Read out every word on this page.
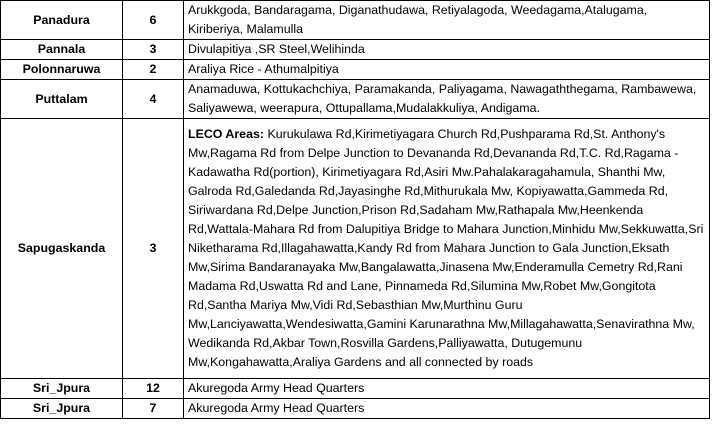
Panadura	6	Arukkgoda, Bandaragama, Diganathudawa, Retiyalagoda, Weedagama,Atalugama, Kiriberiya, Malamulla
Pannala	3	Divulapitiya ,SR Steel,Welihinda
Polonnaruwa	2	Araliya Rice - Athumalpitiya
Puttalam	4	Anamaduwa, Kottukachchiya, Paramakanda, Paliyagama, Nawagaththegama, Rambawewa, Saliyawewa, weerapura, Ottupallama,Mudalakkuliya, Andigama.
Sapugaskanda	3	LECO Areas: Kurukulawa Rd,Kirimetiyagara Church Rd,Pushparama Rd,St. Anthony's Mw,Ragama Rd from Delpe Junction to Devananda Rd,Devananda Rd,T.C. Rd,Ragama - Kadawatha Rd(portion), Kirimetiyagara Rd,Asiri Mw.Pahalakaragahamula, Shanthi Mw, Galroda Rd,Galedanda Rd,Jayasinghe Rd,Mithurukala Mw, Kopiyawatta,Gammeda Rd, Siriwardana Rd,Delpe Junction,Prison Rd,Sadaham Mw,Rathapala Mw,Heenkenda Rd,Wattala-Mahara Rd from Dalupitiya Bridge to Mahara Junction,Minhidu Mw,Sekkuwatta,Sri Niketharama Rd,Illagahawatta,Kandy Rd from Mahara Junction to Gala Junction,Eksath Mw,Sirima Bandaranayaka Mw,Bangalawatta,Jinasena Mw,Enderamulla Cemetry Rd,Rani Madama Rd,Uswatta Rd and Lane, Pinnameda Rd,Silumina Mw,Robet Mw,Gongitota Rd,Santha Mariya Mw,Vidi Rd,Sebasthian Mw,Murthinu Guru Mw,Lanciyawatta,Wendesiwatta,Gamini Karunarathna Mw,Millagahawatta,Senavirathna Mw, Wedikanda Rd,Akbar Town,Rosvilla Gardens,Palliyawatta, Dutugemunu Mw,Kongahawatta,Araliya Gardens and all connected by roads
Sri_Jpura	12	Akuregoda Army Head Quarters
Sri_Jpura	7	Akuregoda Army Head Quarters
